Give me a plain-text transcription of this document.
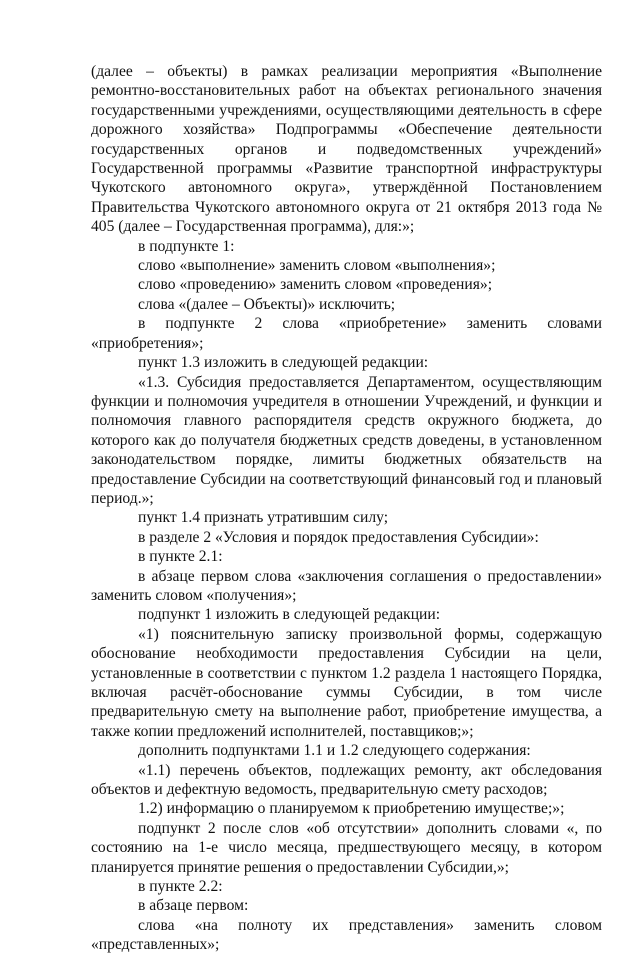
(далее – объекты) в рамках реализации мероприятия «Выполнение ремонтно-восстановительных работ на объектах регионального значения государственными учреждениями, осуществляющими деятельность в сфере дорожного хозяйства» Подпрограммы «Обеспечение деятельности государственных органов и подведомственных учреждений» Государственной программы «Развитие транспортной инфраструктуры Чукотского автономного округа», утверждённой Постановлением Правительства Чукотского автономного округа от 21 октября 2013 года № 405 (далее – Государственная программа), для:»;

в подпункте 1:

слово «выполнение» заменить словом «выполнения»;

слово «проведению» заменить словом «проведения»;

слова «(далее – Объекты)» исключить;

в подпункте 2 слова «приобретение» заменить словами «приобретения»;

пункт 1.3 изложить в следующей редакции:

«1.3. Субсидия предоставляется Департаментом, осуществляющим функции и полномочия учредителя в отношении Учреждений, и функции и полномочия главного распорядителя средств окружного бюджета, до которого как до получателя бюджетных средств доведены, в установленном законодательством порядке, лимиты бюджетных обязательств на предоставление Субсидии на соответствующий финансовый год и плановый период.»;

пункт 1.4 признать утратившим силу;

в разделе 2 «Условия и порядок предоставления Субсидии»:

в пункте 2.1:

в абзаце первом слова «заключения соглашения о предоставлении» заменить словом «получения»;

подпункт 1 изложить в следующей редакции:

«1) пояснительную записку произвольной формы, содержащую обоснование необходимости предоставления Субсидии на цели, установленные в соответствии с пунктом 1.2 раздела 1 настоящего Порядка, включая расчёт-обоснование суммы Субсидии, в том числе предварительную смету на выполнение работ, приобретение имущества, а также копии предложений исполнителей, поставщиков;»;

дополнить подпунктами 1.1 и 1.2 следующего содержания:

«1.1) перечень объектов, подлежащих ремонту, акт обследования объектов и дефектную ведомость, предварительную смету расходов;

1.2) информацию о планируемом к приобретению имуществе;»;

подпункт 2 после слов «об отсутствии» дополнить словами «, по состоянию на 1-е число месяца, предшествующего месяцу, в котором планируется принятие решения о предоставлении Субсидии,»;

в пункте 2.2:

в абзаце первом:

слова «на полноту их представления» заменить словом «представленных»;
